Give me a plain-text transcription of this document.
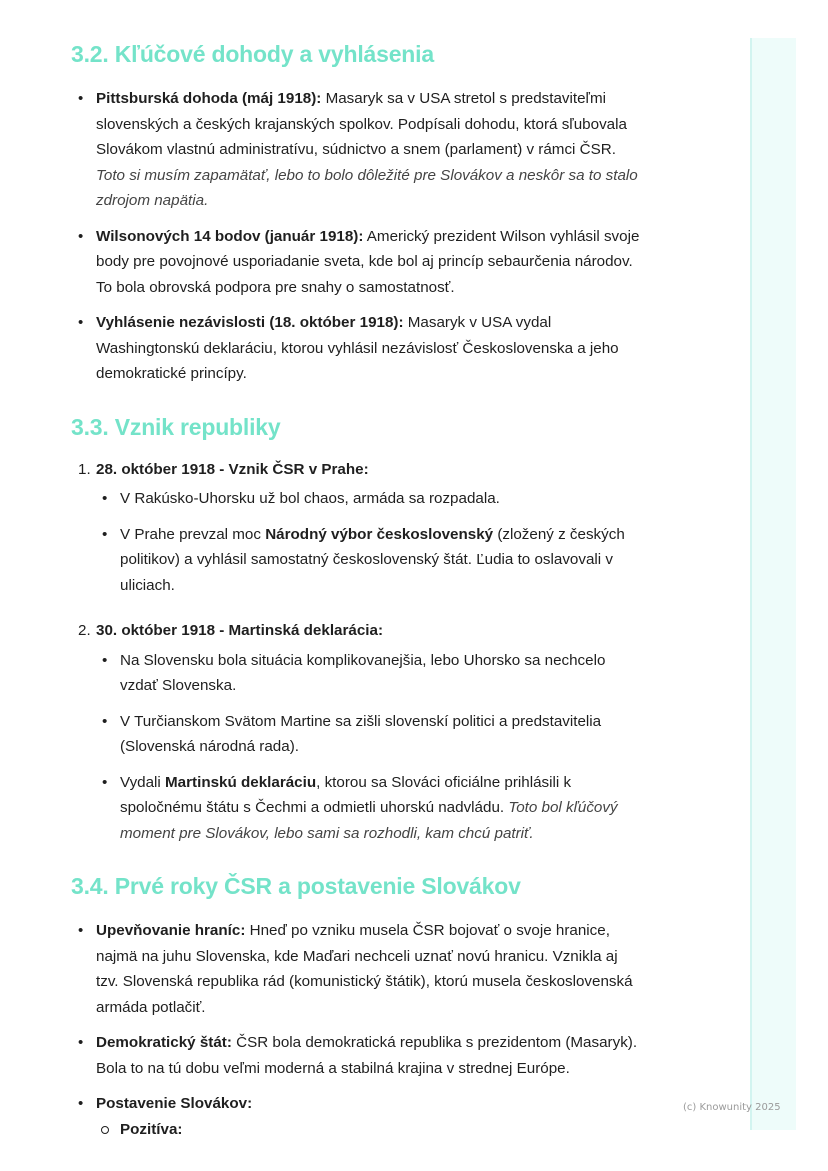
3.2. Kľúčové dohody a vyhlásenia
• Pittsburská dohoda (máj 1918): Masaryk sa v USA stretol s predstaviteľmi slovenských a českých krajanských spolkov. Podpísali dohodu, ktorá sľubovala Slovákom vlastnú administratívu, súdnictvo a snem (parlament) v rámci ČSR. Toto si musím zapamätať, lebo to bolo dôležité pre Slovákov a neskôr sa to stalo zdrojom napätia.
• Wilsonových 14 bodov (január 1918): Americký prezident Wilson vyhlásil svoje body pre povojnové usporiadanie sveta, kde bol aj princíp sebaurčenia národov. To bola obrovská podpora pre snahy o samostatnosť.
• Vyhlásenie nezávislosti (18. október 1918): Masaryk v USA vydal Washingtonskú deklaráciu, ktorou vyhlásil nezávislosť Československa a jeho demokratické princípy.
3.3. Vznik republiky
1. 28. október 1918 - Vznik ČSR v Prahe:
• V Rakúsko-Uhorsku už bol chaos, armáda sa rozpadala.
• V Prahe prevzal moc Národný výbor československý (zložený z českých politikov) a vyhlásil samostatný československý štát. Ľudia to oslavovali v uliciach.
2. 30. október 1918 - Martinská deklarácia:
• Na Slovensku bola situácia komplikovanejšia, lebo Uhorsko sa nechcelo vzdať Slovenska.
• V Turčianskom Svätom Martine sa zišli slovenskí politici a predstavitelia (Slovenská národná rada).
• Vydali Martinskú deklaráciu, ktorou sa Slováci oficiálne prihlásili k spoločnému štátu s Čechmi a odmietli uhorskú nadvládu. Toto bol kľúčový moment pre Slovákov, lebo sami sa rozhodli, kam chcú patriť.
3.4. Prvé roky ČSR a postavenie Slovákov
• Upevňovanie hraníc: Hneď po vzniku musela ČSR bojovať o svoje hranice, najmä na juhu Slovenska, kde Maďari nechceli uznať novú hranicu. Vznikla aj tzv. Slovenská republika rád (komunistický štátik), ktorú musela československá armáda potlačiť.
• Demokratický štát: ČSR bola demokratická republika s prezidentom (Masaryk). Bola to na tú dobu veľmi moderná a stabilná krajina v strednej Európe.
• Postavenie Slovákov:
Pozitíva:
(c) Knowunity 2025
